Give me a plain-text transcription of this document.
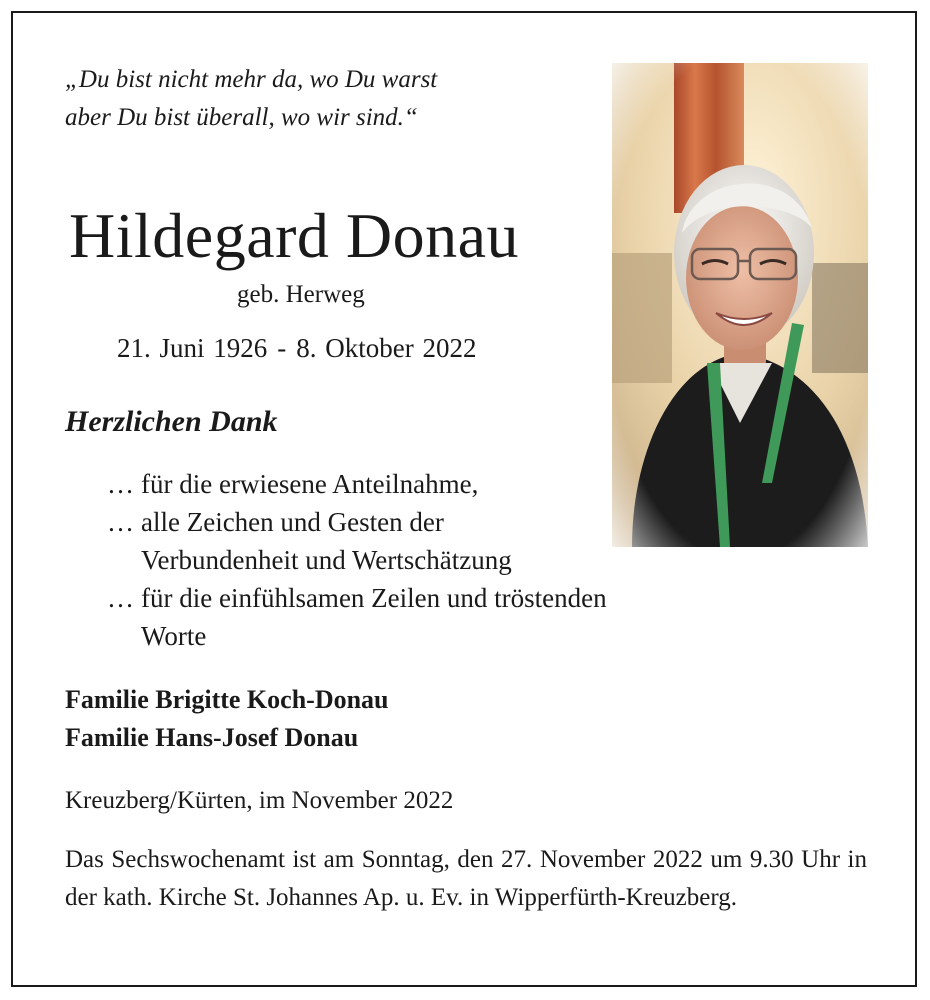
„Du bist nicht mehr da, wo Du warst
aber Du bist überall, wo wir sind.“
Hildegard Donau
geb. Herweg
21. Juni 1926 - 8. Oktober 2022
Herzlichen Dank
… für die erwiesene Anteilnahme,
… alle Zeichen und Gesten der Verbundenheit und Wertschätzung
… für die einfühlsamen Zeilen und tröstenden Worte
Familie Brigitte Koch-Donau
Familie Hans-Josef Donau
Kreuzberg/Kürten, im November 2022
Das Sechswochenamt ist am Sonntag, den 27. November 2022 um 9.30 Uhr in der kath. Kirche St. Johannes Ap. u. Ev. in Wipperfürth-Kreuzberg.
